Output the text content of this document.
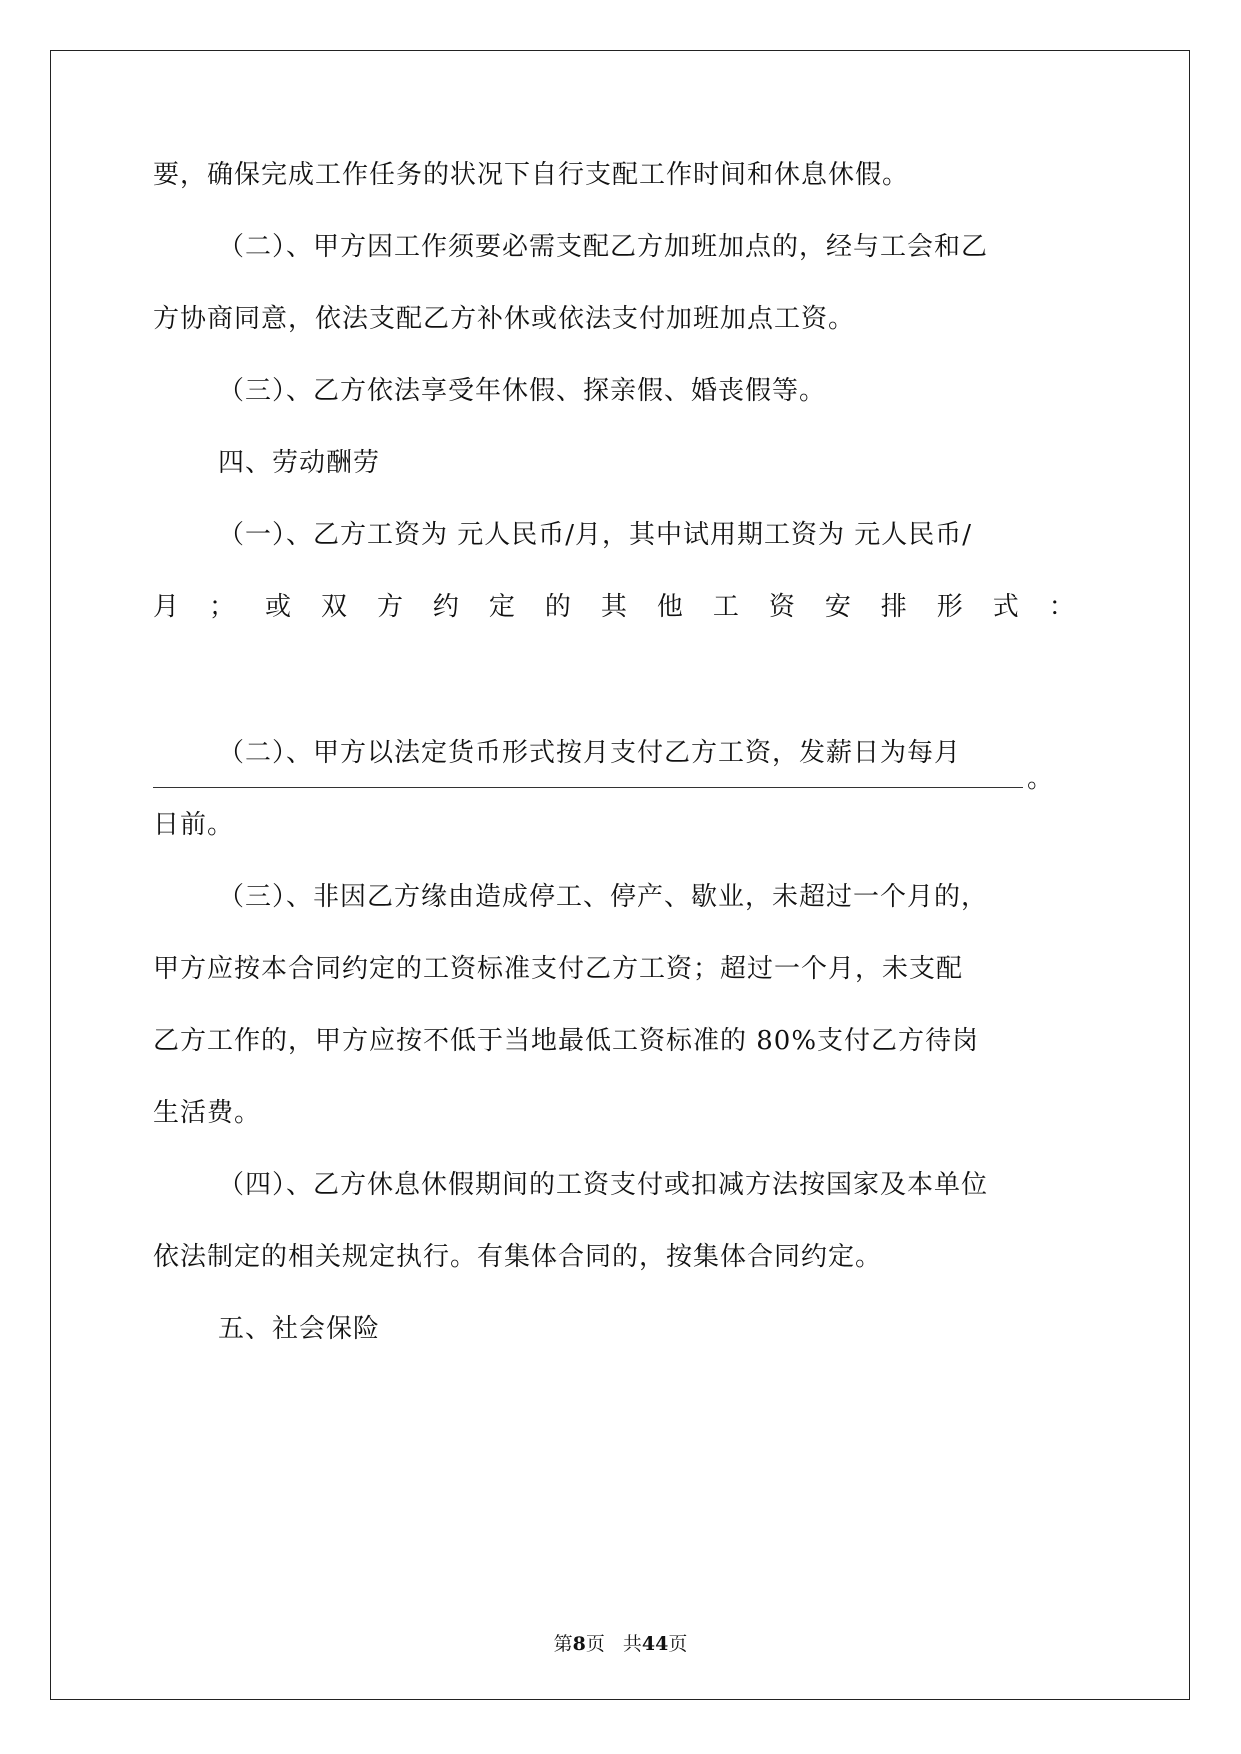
要，确保完成工作任务的状况下自行支配工作时间和休息休假。
（二）、甲方因工作须要必需支配乙方加班加点的，经与工会和乙
方协商同意，依法支配乙方补休或依法支付加班加点工资。
（三）、乙方依法享受年休假、探亲假、婚丧假等。
四、劳动酬劳
（一）、乙方工资为 元人民币/月，其中试用期工资为 元人民币/
月 ； 或 双 方 约 定 的 其 他 工 资 安 排 形 式 ：
。
（二）、甲方以法定货币形式按月支付乙方工资，发薪日为每月
日前。
（三）、非因乙方缘由造成停工、停产、歇业，未超过一个月的，
甲方应按本合同约定的工资标准支付乙方工资；超过一个月，未支配
乙方工作的，甲方应按不低于当地最低工资标准的 80%支付乙方待岗
生活费。
（四）、乙方休息休假期间的工资支付或扣减方法按国家及本单位
依法制定的相关规定执行。有集体合同的，按集体合同约定。
五、社会保险
第8页 共44页
